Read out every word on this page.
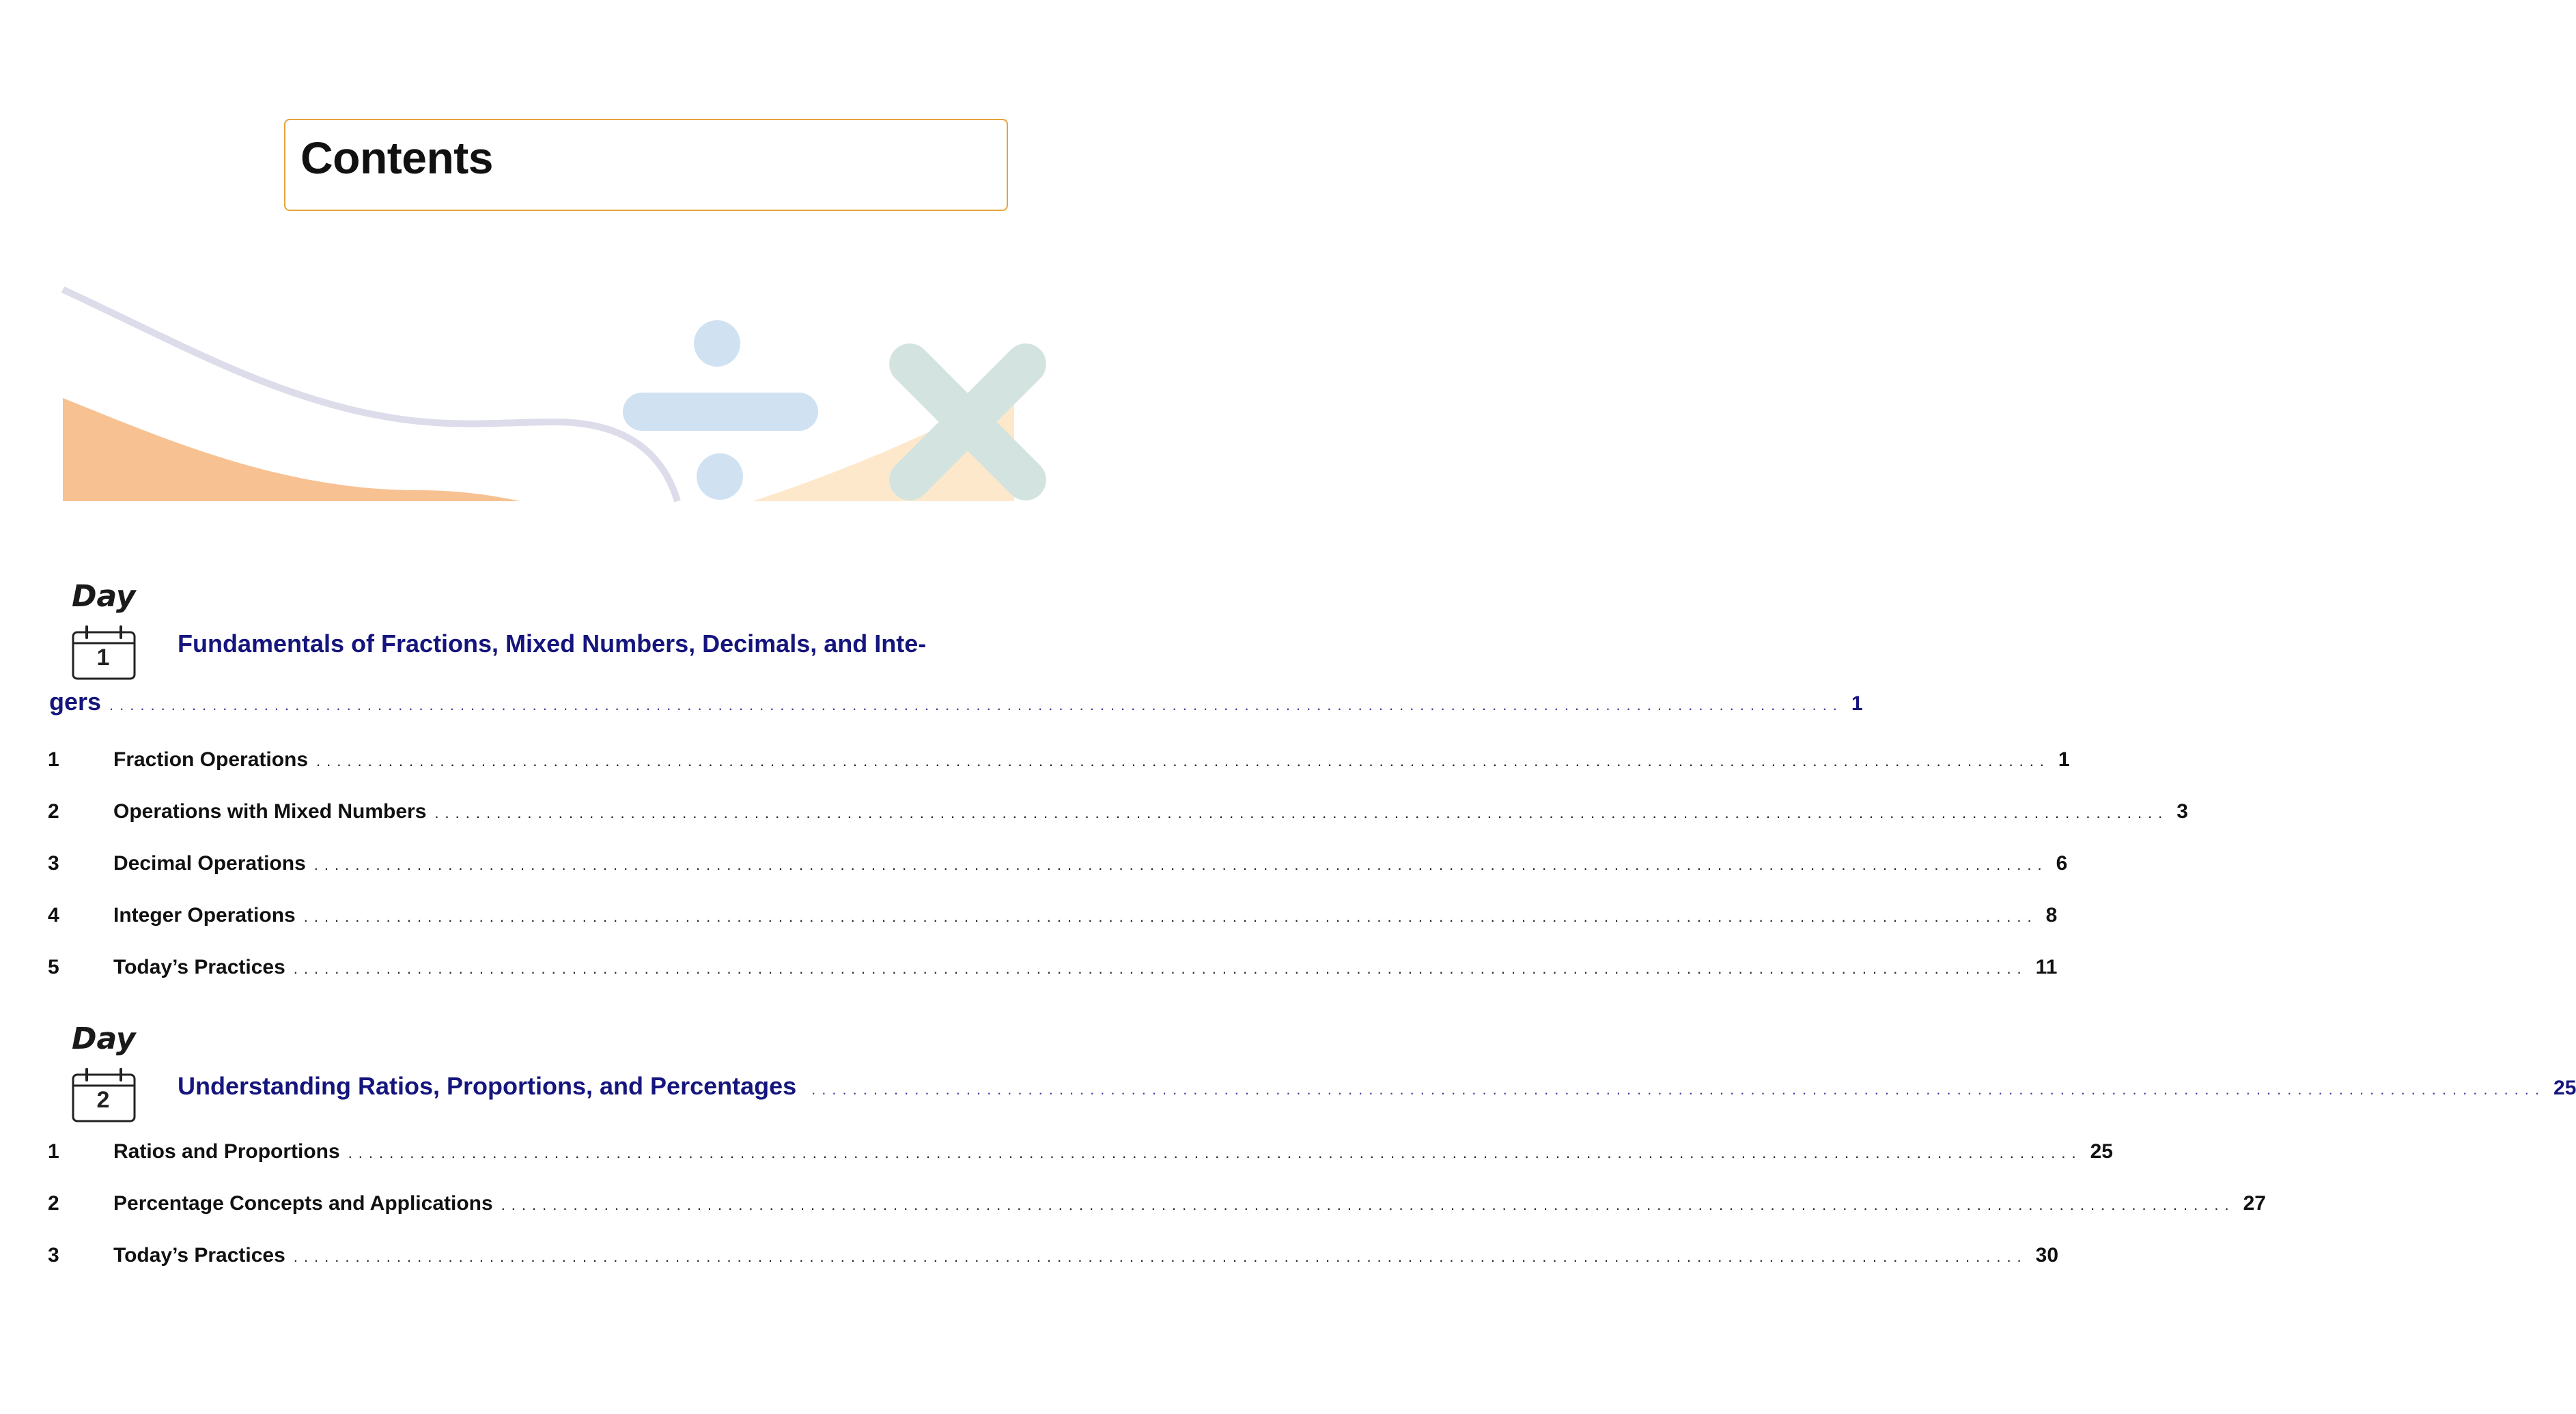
Contents
Day
1	Fundamentals of Fractions, Mixed Numbers, Decimals, and Inte-
gers ........................................................................................................................................................................ 1
1	Fraction Operations ........................................................................................................................................................................ 1
2	Operations with Mixed Numbers ........................................................................................................................................................................ 3
3	Decimal Operations ........................................................................................................................................................................ 6
4	Integer Operations ........................................................................................................................................................................ 8
5	Today’s Practices ........................................................................................................................................................................ 11
Day
2	Understanding Ratios, Proportions, and Percentages ........................................................................................................................................................................ 25
1	Ratios and Proportions ........................................................................................................................................................................ 25
2	Percentage Concepts and Applications ........................................................................................................................................................................ 27
3	Today’s Practices ........................................................................................................................................................................ 30
